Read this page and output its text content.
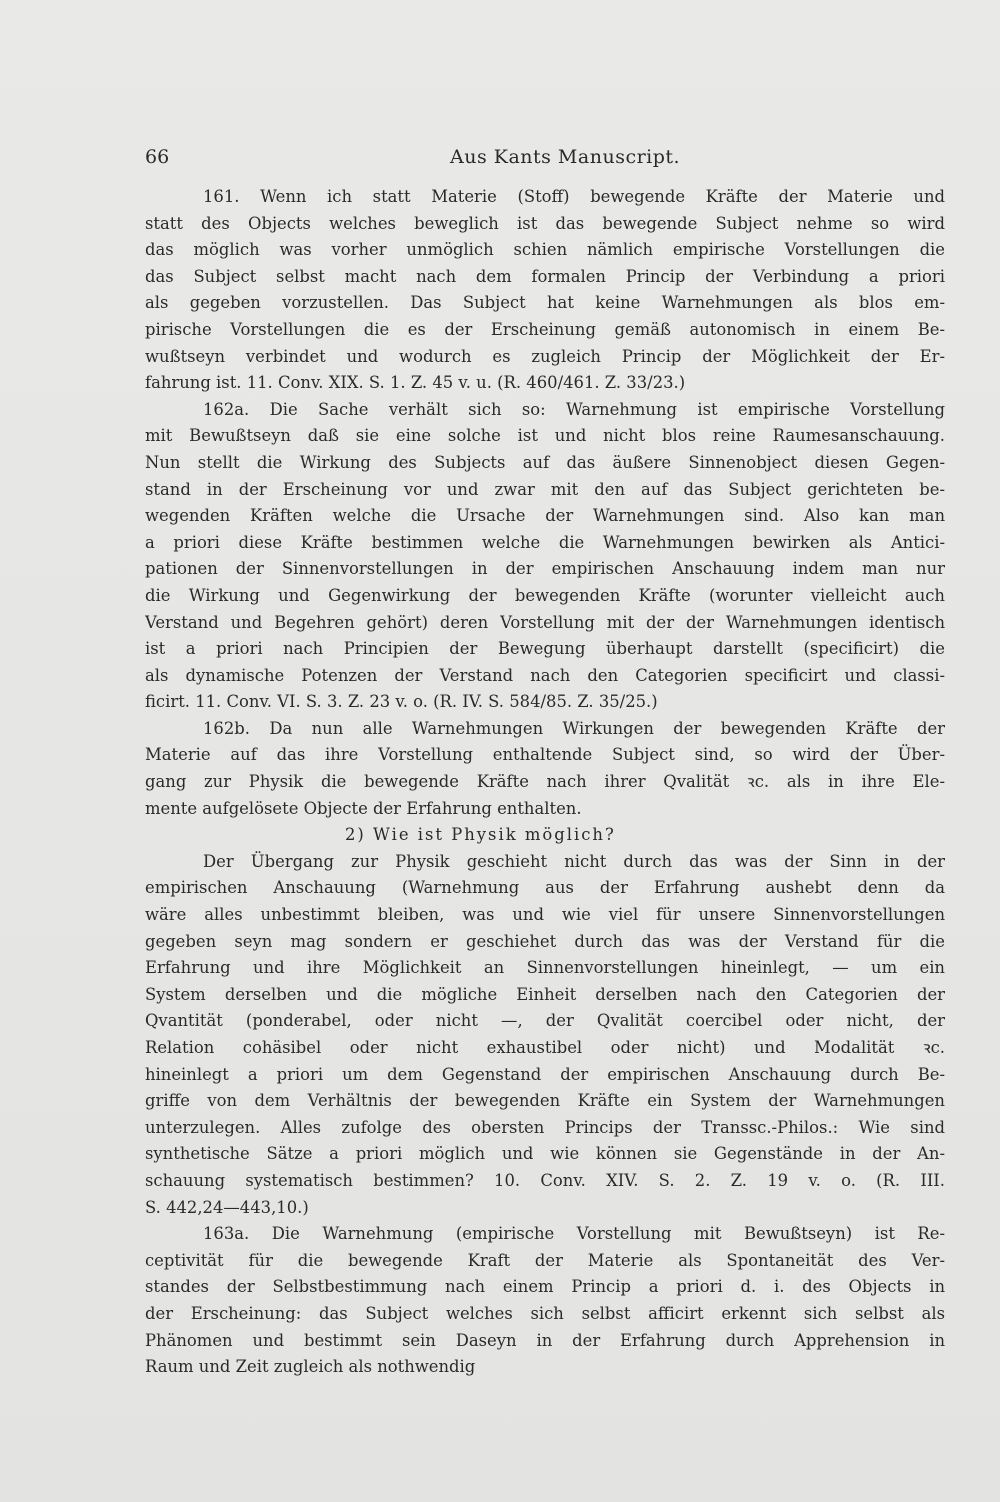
66	Aus Kants Manuscript.
161. Wenn ich statt Materie (Stoff) bewegende Kräfte der Materie und
statt des Objects welches beweglich ist das bewegende Subject nehme so wird
das möglich was vorher unmöglich schien nämlich empirische Vorstellungen die
das Subject selbst macht nach dem formalen Princip der Verbindung a priori
als gegeben vorzustellen. Das Subject hat keine Warnehmungen als blos em-
pirische Vorstellungen die es der Erscheinung gemäß autonomisch in einem Be-
wußtseyn verbindet und wodurch es zugleich Princip der Möglichkeit der Er-
fahrung ist. 11. Conv. XIX. S. 1. Z. 45 v. u. (R. 460/461. Z. 33/23.)
162a. Die Sache verhält sich so: Warnehmung ist empirische Vorstellung
mit Bewußtseyn daß sie eine solche ist und nicht blos reine Raumesanschauung.
Nun stellt die Wirkung des Subjects auf das äußere Sinnenobject diesen Gegen-
stand in der Erscheinung vor und zwar mit den auf das Subject gerichteten be-
wegenden Kräften welche die Ursache der Warnehmungen sind. Also kan man
a priori diese Kräfte bestimmen welche die Warnehmungen bewirken als Antici-
pationen der Sinnenvorstellungen in der empirischen Anschauung indem man nur
die Wirkung und Gegenwirkung der bewegenden Kräfte (worunter vielleicht auch
Verstand und Begehren gehört) deren Vorstellung mit der der Warnehmungen identisch
ist a priori nach Principien der Bewegung überhaupt darstellt (specificirt) die
als dynamische Potenzen der Verstand nach den Categorien specificirt und classi-
ficirt. 11. Conv. VI. S. 3. Z. 23 v. o. (R. IV. S. 584/85. Z. 35/25.)
162b. Da nun alle Warnehmungen Wirkungen der bewegenden Kräfte der
Materie auf das ihre Vorstellung enthaltende Subject sind, so wird der Über-
gang zur Physik die bewegende Kräfte nach ihrer Qvalität ꝛc. als in ihre Ele-
mente aufgelösete Objecte der Erfahrung enthalten.
2) Wie ist Physik möglich?
Der Übergang zur Physik geschieht nicht durch das was der Sinn in der
empirischen Anschauung (Warnehmung aus der Erfahrung aushebt denn da
wäre alles unbestimmt bleiben, was und wie viel für unsere Sinnenvorstellungen
gegeben seyn mag sondern er geschiehet durch das was der Verstand für die
Erfahrung und ihre Möglichkeit an Sinnenvorstellungen hineinlegt, — um ein
System derselben und die mögliche Einheit derselben nach den Categorien der
Qvantität (ponderabel, oder nicht —, der Qvalität coercibel oder nicht, der
Relation cohäsibel oder nicht exhaustibel oder nicht) und Modalität ꝛc.
hineinlegt a priori um dem Gegenstand der empirischen Anschauung durch Be-
griffe von dem Verhältnis der bewegenden Kräfte ein System der Warnehmungen
unterzulegen. Alles zufolge des obersten Princips der Transsc.-Philos.: Wie sind
synthetische Sätze a priori möglich und wie können sie Gegenstände in der An-
schauung systematisch bestimmen? 10. Conv. XIV. S. 2. Z. 19 v. o. (R. III.
S. 442,24—443,10.)
163a. Die Warnehmung (empirische Vorstellung mit Bewußtseyn) ist Re-
ceptivität für die bewegende Kraft der Materie als Spontaneität des Ver-
standes der Selbstbestimmung nach einem Princip a priori d. i. des Objects in
der Erscheinung: das Subject welches sich selbst afficirt erkennt sich selbst als
Phänomen und bestimmt sein Daseyn in der Erfahrung durch Apprehension in
Raum und Zeit zugleich als nothwendig
